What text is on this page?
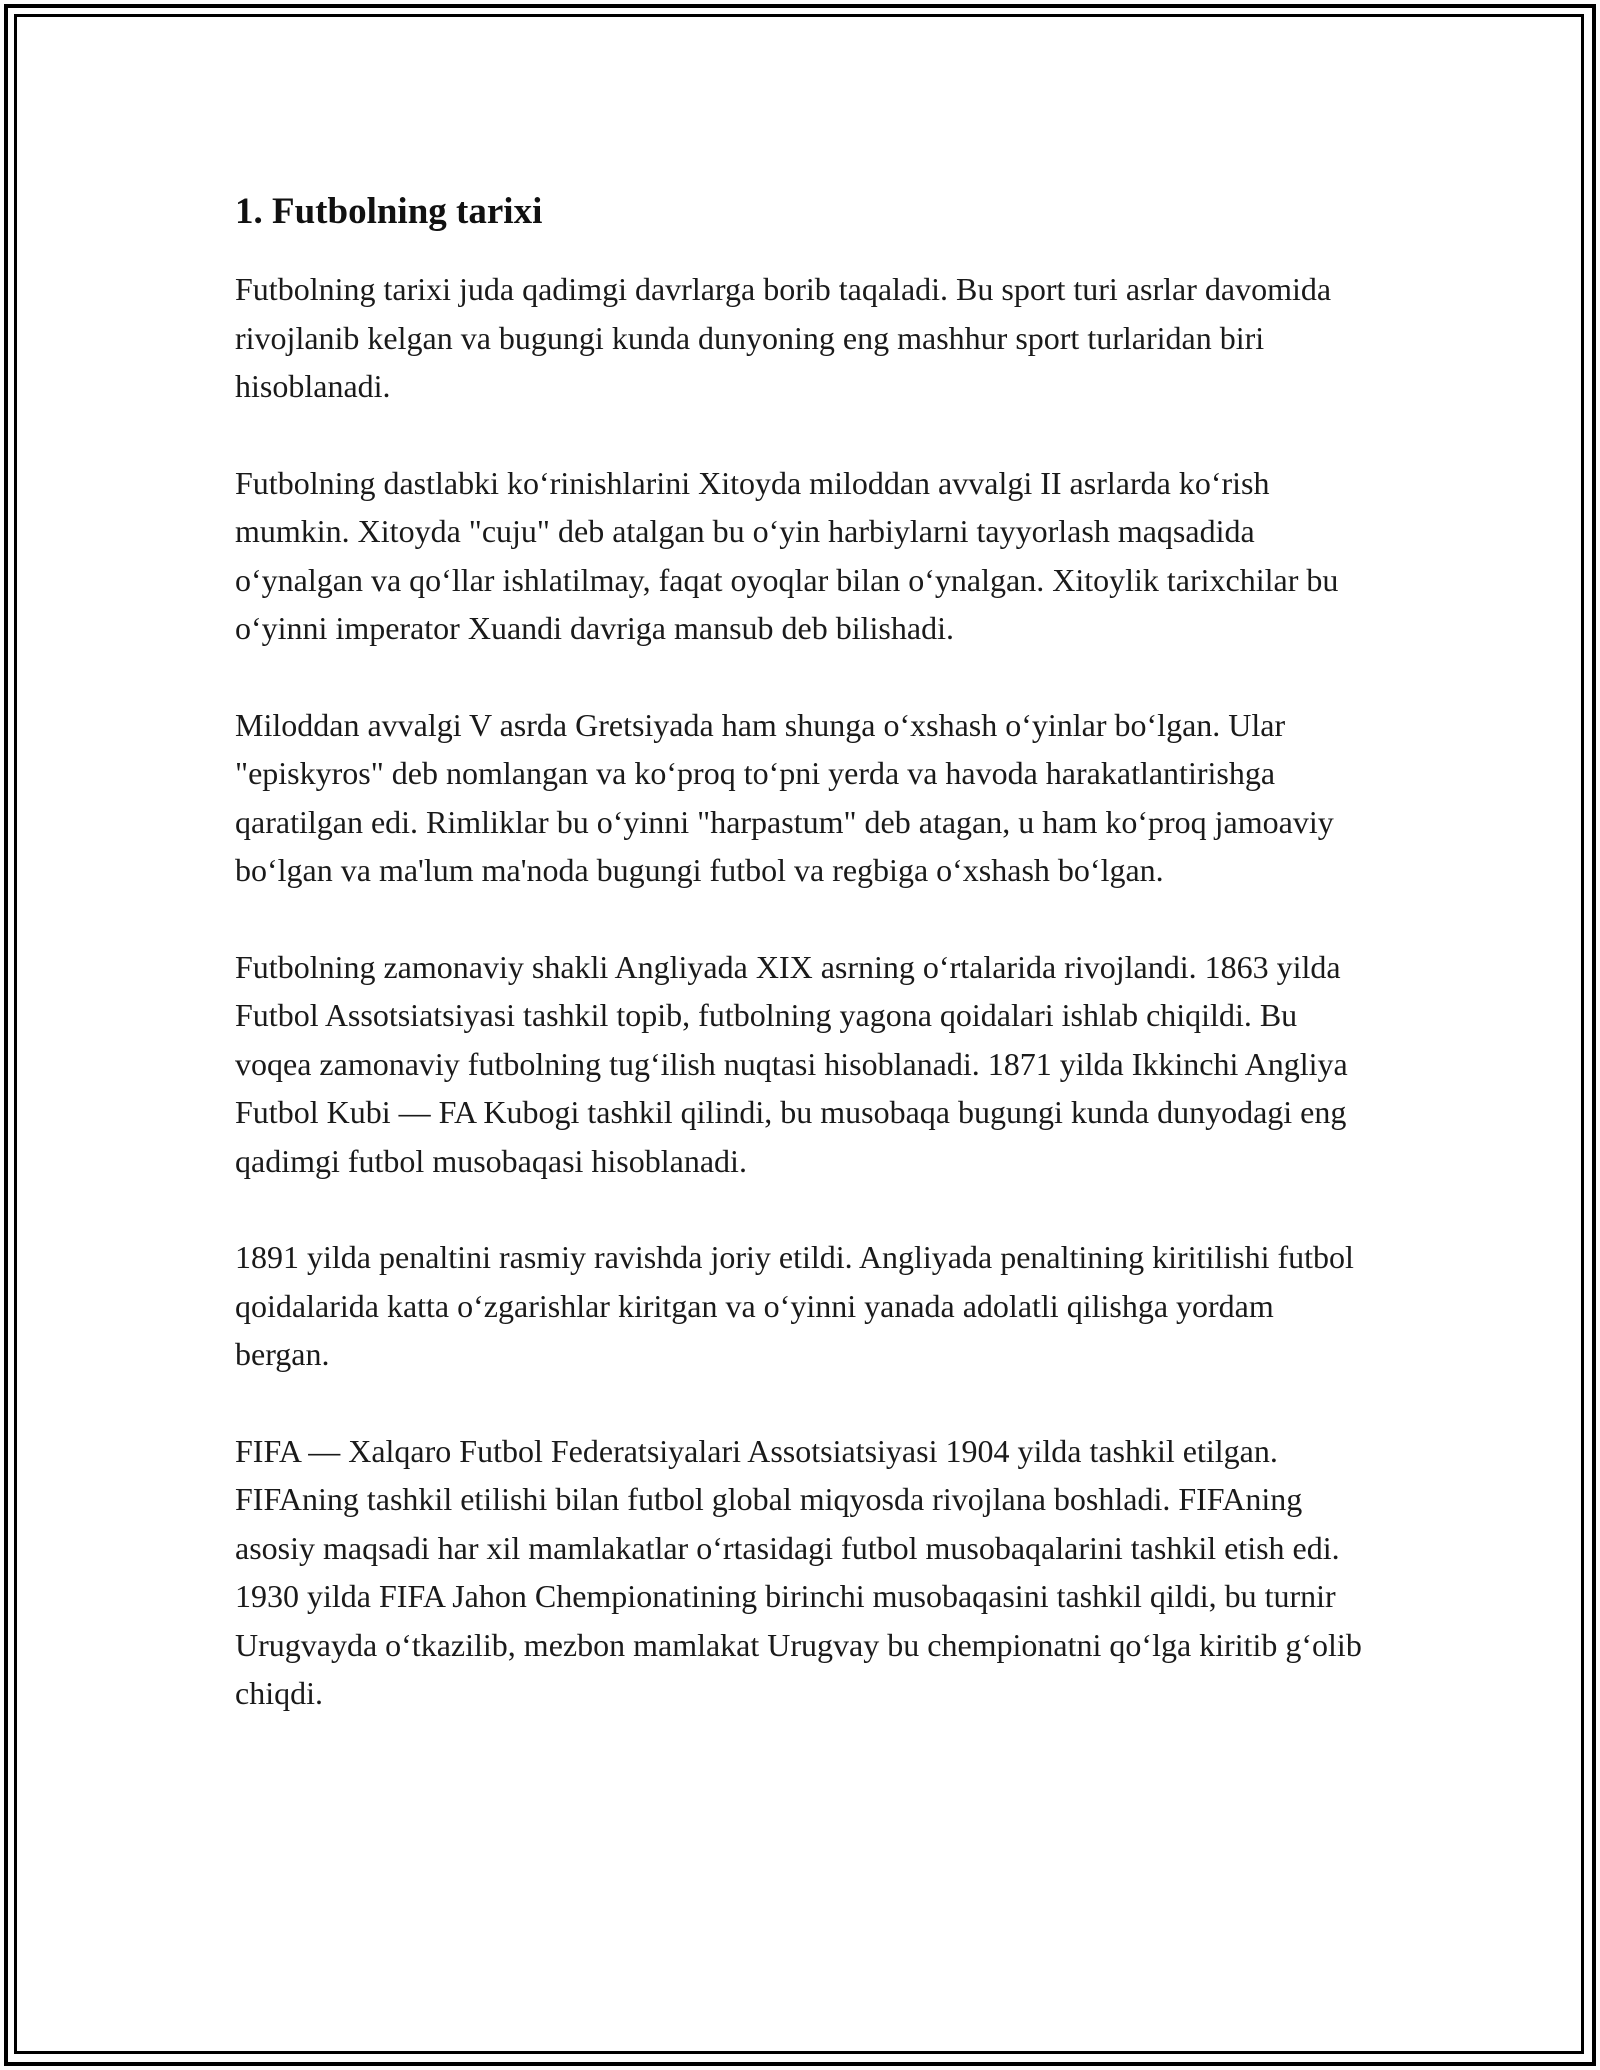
1. Futbolning tarixi

Futbolning tarixi juda qadimgi davrlarga borib taqaladi. Bu sport turi asrlar davomida rivojlanib kelgan va bugungi kunda dunyoning eng mashhur sport turlaridan biri hisoblanadi.

Futbolning dastlabki ko‘rinishlarini Xitoyda miloddan avvalgi II asrlarda ko‘rish mumkin. Xitoyda "cuju" deb atalgan bu o‘yin harbiylarni tayyorlash maqsadida o‘ynalgan va qo‘llar ishlatilmay, faqat oyoqlar bilan o‘ynalgan. Xitoylik tarixchilar bu o‘yinni imperator Xuandi davriga mansub deb bilishadi.

Miloddan avvalgi V asrda Gretsiyada ham shunga o‘xshash o‘yinlar bo‘lgan. Ular "episkyros" deb nomlangan va ko‘proq to‘pni yerda va havoda harakatlantirishga qaratilgan edi. Rimliklar bu o‘yinni "harpastum" deb atagan, u ham ko‘proq jamoaviy bo‘lgan va ma'lum ma'noda bugungi futbol va regbiga o‘xshash bo‘lgan.

Futbolning zamonaviy shakli Angliyada XIX asrning o‘rtalarida rivojlandi. 1863 yilda Futbol Assotsiatsiyasi tashkil topib, futbolning yagona qoidalari ishlab chiqildi. Bu voqea zamonaviy futbolning tug‘ilish nuqtasi hisoblanadi. 1871 yilda Ikkinchi Angliya Futbol Kubi — FA Kubogi tashkil qilindi, bu musobaqa bugungi kunda dunyodagi eng qadimgi futbol musobaqasi hisoblanadi.

1891 yilda penaltini rasmiy ravishda joriy etildi. Angliyada penaltining kiritilishi futbol qoidalarida katta o‘zgarishlar kiritgan va o‘yinni yanada adolatli qilishga yordam bergan.

FIFA — Xalqaro Futbol Federatsiyalari Assotsiatsiyasi 1904 yilda tashkil etilgan. FIFAning tashkil etilishi bilan futbol global miqyosda rivojlana boshladi. FIFAning asosiy maqsadi har xil mamlakatlar o‘rtasidagi futbol musobaqalarini tashkil etish edi. 1930 yilda FIFA Jahon Chempionatining birinchi musobaqasini tashkil qildi, bu turnir Urugvayda o‘tkazilib, mezbon mamlakat Urugvay bu chempionatni qo‘lga kiritib g‘olib chiqdi.
